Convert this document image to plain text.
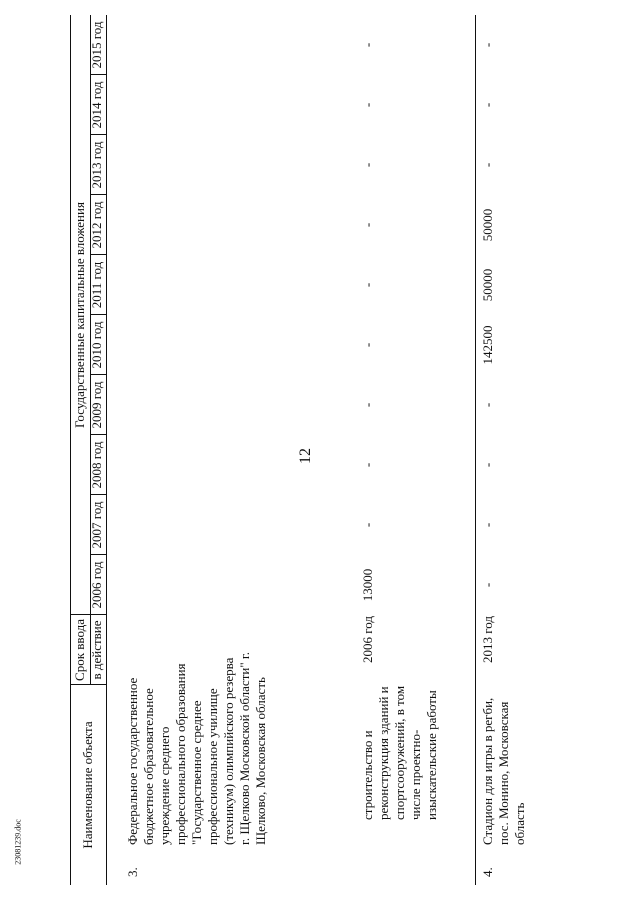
12
23081239.doc	Наименование объекта
Срок ввода в действие
Государственные капитальные вложения
2006 год
2007 год
2008 год
2009 год
2010 год
2011 год
2012 год
2013 год
2014 год
2015 год
3.
Федеральное государственное бюджетное образовательное учреждение среднего профессионального образования "Государственное среднее профессиональное училище (техникум) олимпийского резерва г. Щелково Московской области" г. Щелково, Московская область	строительство и реконструкция зданий и спортсооружений, в том числе проектно-изыскательские работы
2006 год
13000
-
-
-
-
-
-
-
-
-
4.
Стадион для игры в регби, пос. Монино, Московская область
2013 год
-
-
-
-
142500
50000
50000
-
-
-
